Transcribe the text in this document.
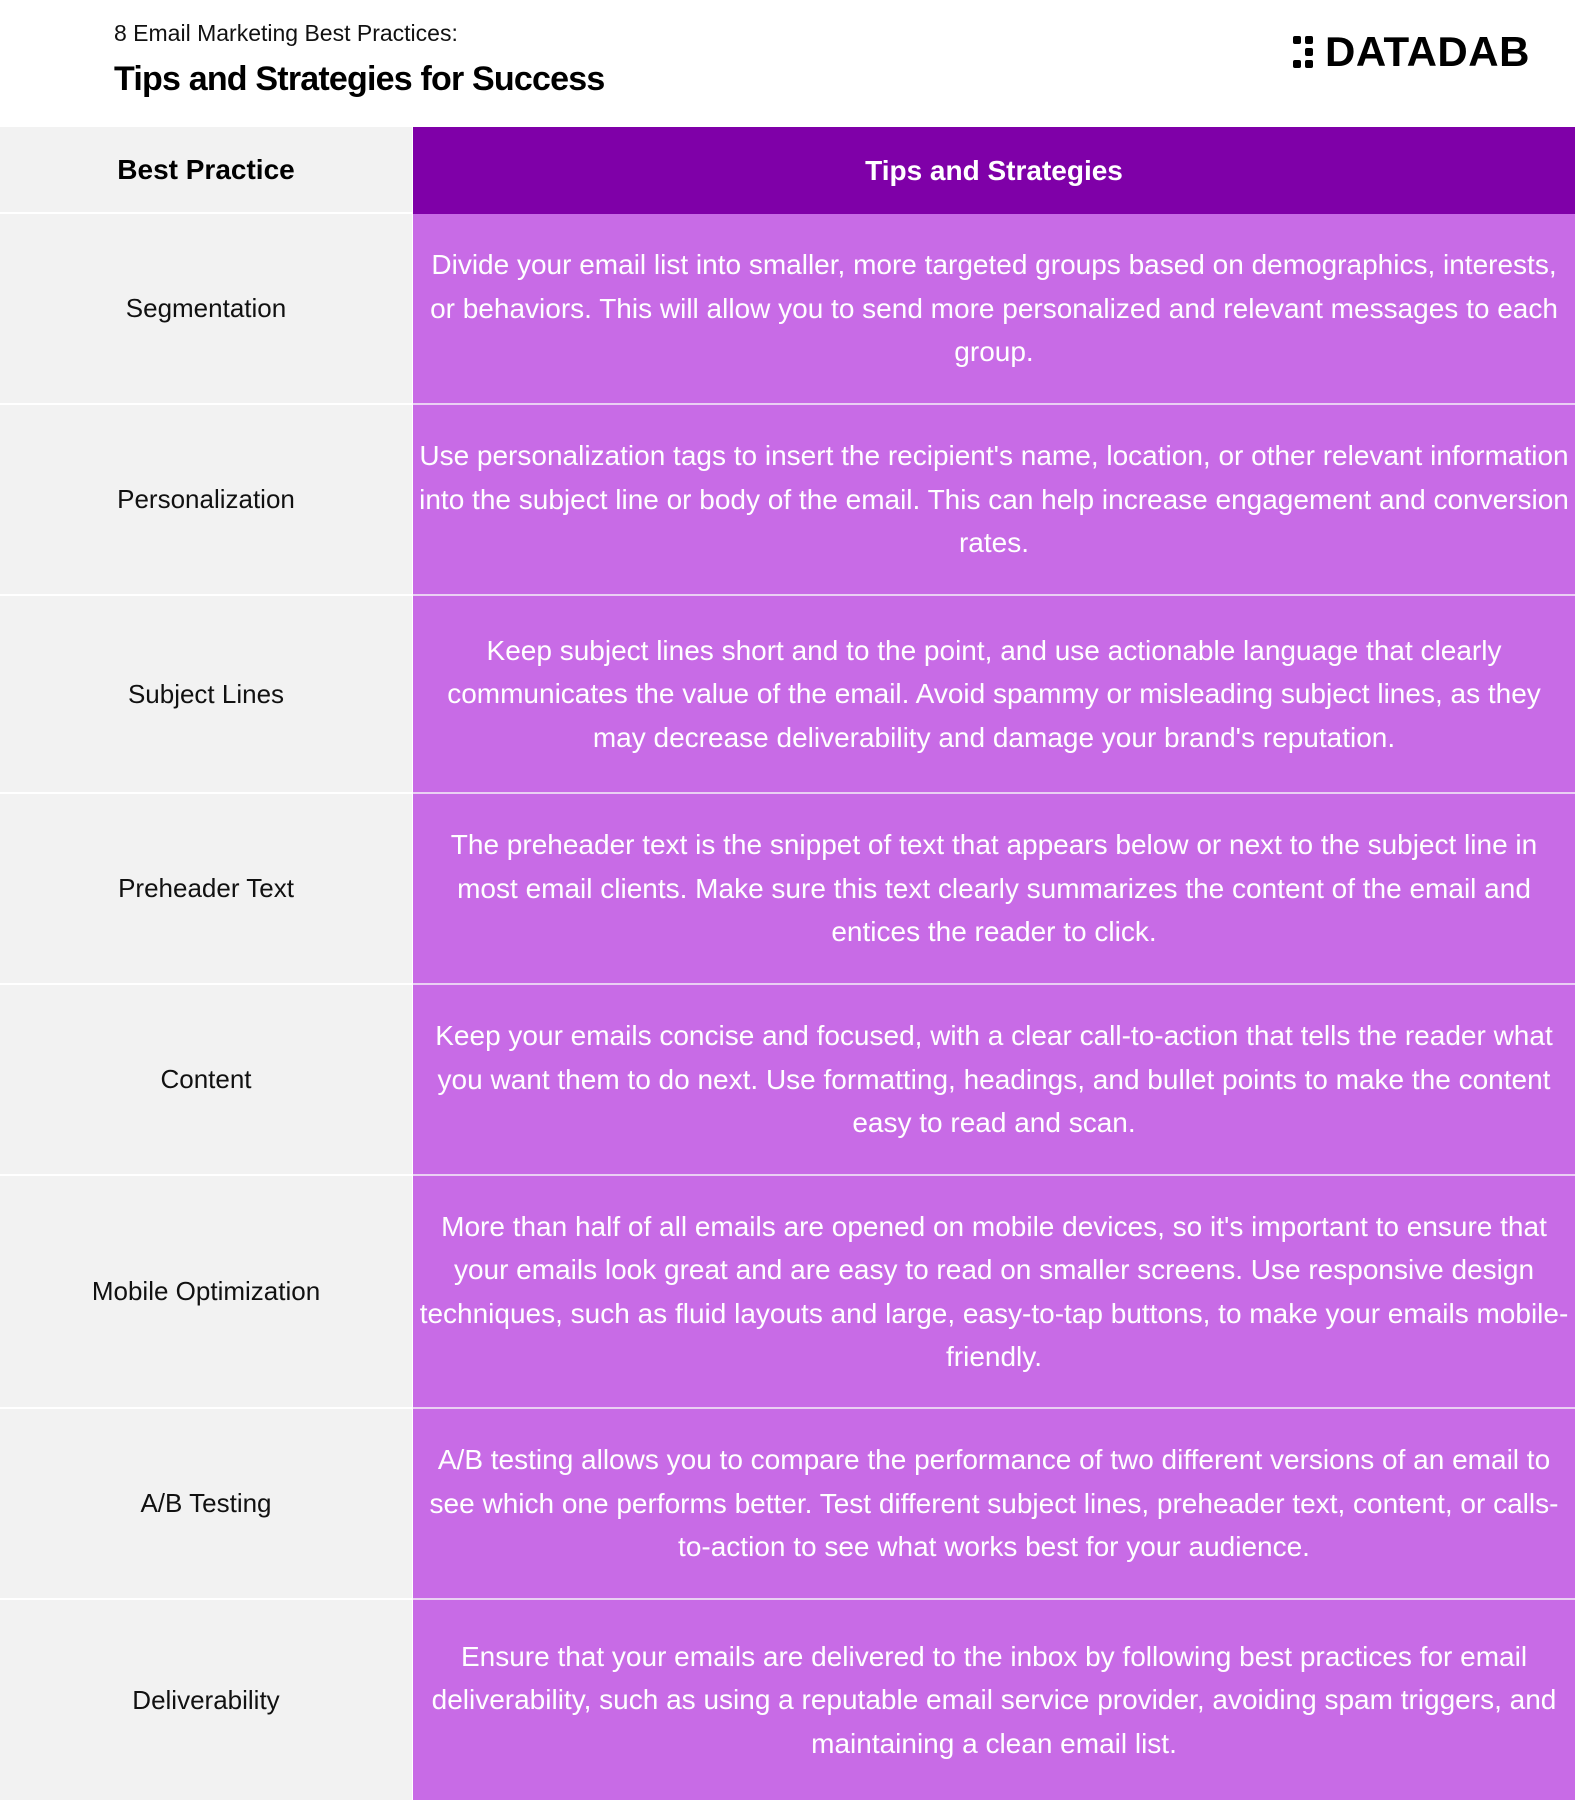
8 Email Marketing Best Practices:
Tips and Strategies for Success
DATADAB
Best Practice	Tips and Strategies
Segmentation
Divide your email list into smaller, more targeted groups based on demographics, interests, or behaviors. This will allow you to send more personalized and relevant messages to each group.
Personalization
Use personalization tags to insert the recipient's name, location, or other relevant information into the subject line or body of the email. This can help increase engagement and conversion rates.
Subject Lines
Keep subject lines short and to the point, and use actionable language that clearly communicates the value of the email. Avoid spammy or misleading subject lines, as they may decrease deliverability and damage your brand's reputation.
Preheader Text
The preheader text is the snippet of text that appears below or next to the subject line in most email clients. Make sure this text clearly summarizes the content of the email and entices the reader to click.
Content
Keep your emails concise and focused, with a clear call-to-action that tells the reader what you want them to do next. Use formatting, headings, and bullet points to make the content easy to read and scan.
Mobile Optimization
More than half of all emails are opened on mobile devices, so it's important to ensure that your emails look great and are easy to read on smaller screens. Use responsive design techniques, such as fluid layouts and large, easy-to-tap buttons, to make your emails mobile-friendly.
A/B Testing
A/B testing allows you to compare the performance of two different versions of an email to see which one performs better. Test different subject lines, preheader text, content, or calls-to-action to see what works best for your audience.
Deliverability
Ensure that your emails are delivered to the inbox by following best practices for email deliverability, such as using a reputable email service provider, avoiding spam triggers, and maintaining a clean email list.
